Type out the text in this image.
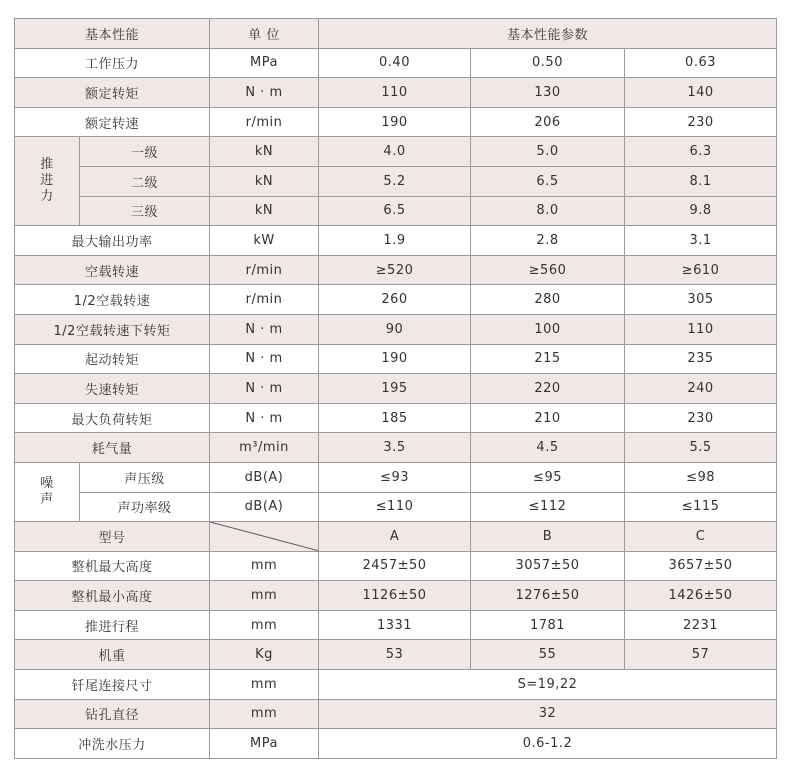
基本性能		单 位	基本性能参数		
工作压力		MPa	0.40	0.50	0.63
额定转矩		N · m	110	130	140
额定转速		r/min	190	206	230

推进力	一级	kN	4.0	5.0	6.3
	二级	kN	5.2	6.5	8.1
	三级	kN	6.5	8.0	9.8
最大输出功率		kW	1.9	2.8	3.1
空载转速		r/min	≥520	≥560	≥610
1/2空载转速		r/min	260	280	305
1/2空载转速下转矩		N · m	90	100	110
起动转矩		N · m	190	215	235
失速转矩		N · m	195	220	240
最大负荷转矩		N · m	185	210	230
耗气量		m³/min	3.5	4.5	5.5

噪声	声压级	dB(A)	≤93	≤95	≤98
	声功率级	dB(A)	≤110	≤112	≤115
型号			A	B	C
整机最大高度		mm	2457±50	3057±50	3657±50
整机最小高度		mm	1126±50	1276±50	1426±50
推进行程		mm	1331	1781	2231
机重		Kg	53	55	57
钎尾连接尺寸		mm	S=19,22		
钻孔直径		mm	32		
冲洗水压力		MPa	0.6-1.2		
